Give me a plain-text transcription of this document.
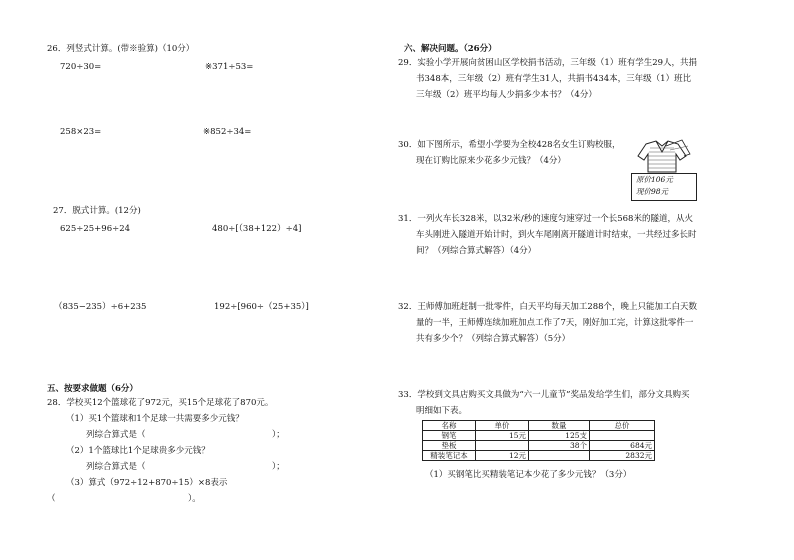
26．列竖式计算。(带※验算)（10分）
720÷30=	※371÷53=
258×23=	※852÷34=
27．脱式计算。(12分)
625÷25+96÷24	480÷[（38+122）÷4]
（835−235）÷6+235	192÷[960÷（25+35）]
五、按要求做题（6分）
28．学校买12个篮球花了972元，买15个足球花了870元。
（1）买1个篮球和1个足球一共需要多少元钱？
列综合算式是（	）；
（2）1个篮球比1个足球贵多少元钱？
列综合算式是（	）；
（3）算式（972÷12+870÷15）×8表示
（	）。
六、解决问题。（26分）
29．实验小学开展向贫困山区学校捐书活动，三年级（1）班有学生29人，共捐
书348本，三年级（2）班有学生31人，共捐书434本，三年级（1）班比
三年级（2）班平均每人少捐多少本书？（4分）
30．如下图所示，希望小学要为全校428名女生订购校服，
现在订购比原来少花多少元钱？（4分）
原价106元
现价98元
31．一列火车长328米，以32米/秒的速度匀速穿过一个长568米的隧道，从火
车头刚进入隧道开始计时，到火车尾刚离开隧道计时结束，一共经过多长时
间？（列综合算式解答）（4分）
32．王师傅加班赶制一批零件，白天平均每天加工288个，晚上只能加工白天数
量的一半，王师傅连续加班加点工作了7天，刚好加工完，计算这批零件一
共有多少个？（列综合算式解答）（5分）
33．学校到文具店购买文具做为“六一儿童节”奖品发给学生们，部分文具购买
明细如下表。
名称	单价	数量	总价
钢笔	15元	125支	
垫板		38个	684元
精装笔记本	12元		2832元
（1）买钢笔比买精装笔记本少花了多少元钱？（3分）
